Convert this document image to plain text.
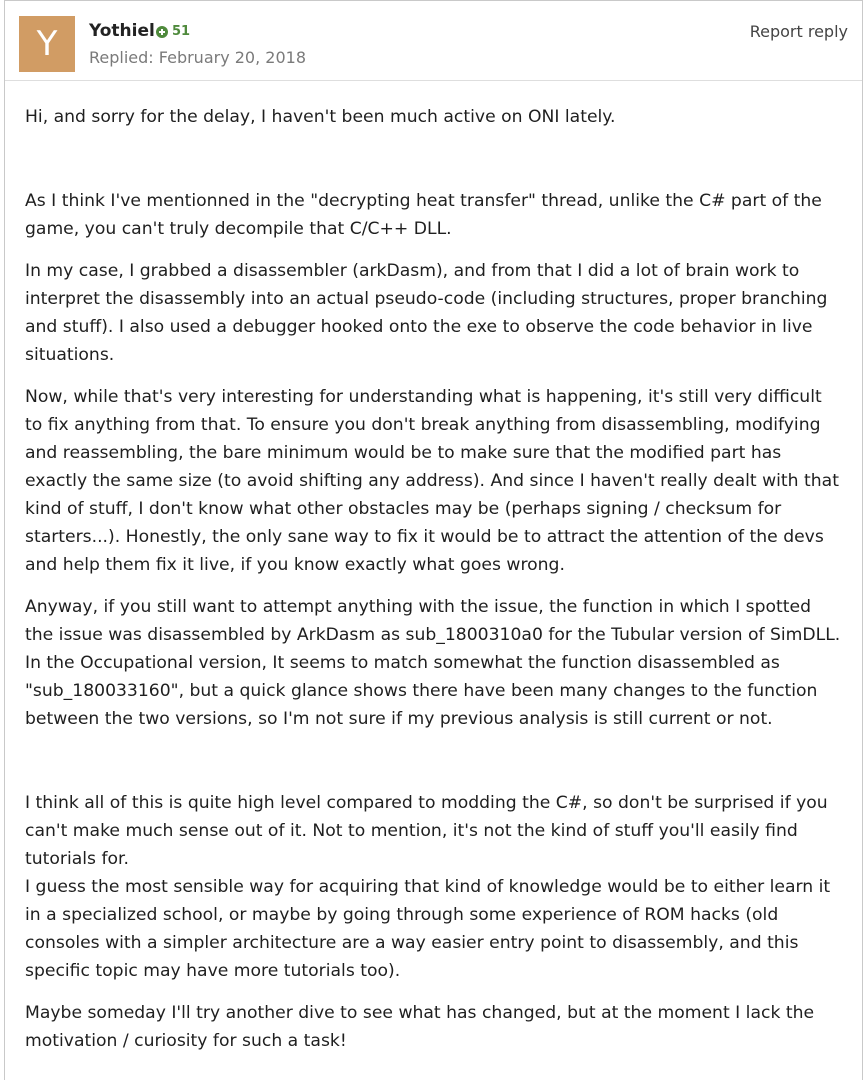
Y	Yothiel 51
Replied: February 20, 2018
Report reply

Hi, and sorry for the delay, I haven't been much active on ONI lately.

As I think I've mentionned in the "decrypting heat transfer" thread, unlike the C# part of the game, you can't truly decompile that C/C++ DLL.

In my case, I grabbed a disassembler (arkDasm), and from that I did a lot of brain work to interpret the disassembly into an actual pseudo-code (including structures, proper branching and stuff). I also used a debugger hooked onto the exe to observe the code behavior in live situations.

Now, while that's very interesting for understanding what is happening, it's still very difficult to fix anything from that. To ensure you don't break anything from disassembling, modifying and reassembling, the bare minimum would be to make sure that the modified part has exactly the same size (to avoid shifting any address). And since I haven't really dealt with that kind of stuff, I don't know what other obstacles may be (perhaps signing / checksum for starters...). Honestly, the only sane way to fix it would be to attract the attention of the devs and help them fix it live, if you know exactly what goes wrong.

Anyway, if you still want to attempt anything with the issue, the function in which I spotted the issue was disassembled by ArkDasm as sub_1800310a0 for the Tubular version of SimDLL.

In the Occupational version, It seems to match somewhat the function disassembled as "sub_180033160", but a quick glance shows there have been many changes to the function between the two versions, so I'm not sure if my previous analysis is still current or not.

I think all of this is quite high level compared to modding the C#, so don't be surprised if you can't make much sense out of it. Not to mention, it's not the kind of stuff you'll easily find tutorials for.

I guess the most sensible way for acquiring that kind of knowledge would be to either learn it in a specialized school, or maybe by going through some experience of ROM hacks (old consoles with a simpler architecture are a way easier entry point to disassembly, and this specific topic may have more tutorials too).

Maybe someday I'll try another dive to see what has changed, but at the moment I lack the motivation / curiosity for such a task!
